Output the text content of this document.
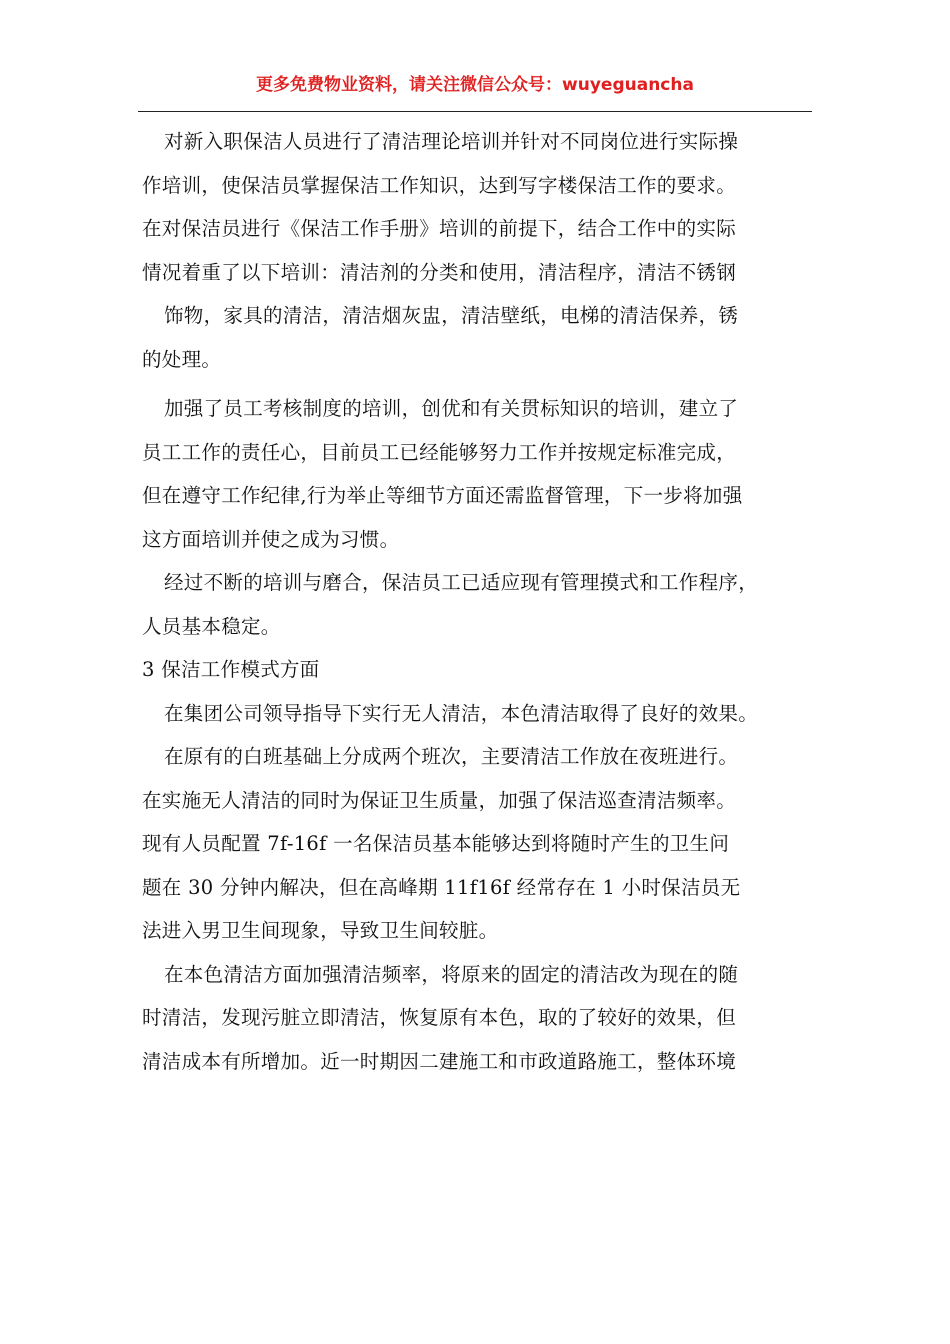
更多免费物业资料，请关注微信公众号：wuyeguancha
对新入职保洁人员进行了清洁理论培训并针对不同岗位进行实际操
作培训，使保洁员掌握保洁工作知识，达到写字楼保洁工作的要求。
在对保洁员进行《保洁工作手册》培训的前提下，结合工作中的实际
情况着重了以下培训：清洁剂的分类和使用，清洁程序，清洁不锈钢
饰物，家具的清洁，清洁烟灰盅，清洁壁纸，电梯的清洁保养，锈
的处理。
加强了员工考核制度的培训，创优和有关贯标知识的培训，建立了
员工工作的责任心，目前员工已经能够努力工作并按规定标准完成，
但在遵守工作纪律,行为举止等细节方面还需监督管理，下一步将加强
这方面培训并使之成为习惯。
经过不断的培训与磨合，保洁员工已适应现有管理摸式和工作程序，
人员基本稳定。
3 保洁工作模式方面
在集团公司领导指导下实行无人清洁，本色清洁取得了良好的效果。
在原有的白班基础上分成两个班次，主要清洁工作放在夜班进行。
在实施无人清洁的同时为保证卫生质量，加强了保洁巡查清洁频率。
现有人员配置 7f-16f 一名保洁员基本能够达到将随时产生的卫生问
题在 30 分钟内解决，但在高峰期 11f16f 经常存在 1 小时保洁员无
法进入男卫生间现象，导致卫生间较脏。
在本色清洁方面加强清洁频率，将原来的固定的清洁改为现在的随
时清洁，发现污脏立即清洁，恢复原有本色，取的了较好的效果，但
清洁成本有所增加。近一时期因二建施工和市政道路施工，整体环境
